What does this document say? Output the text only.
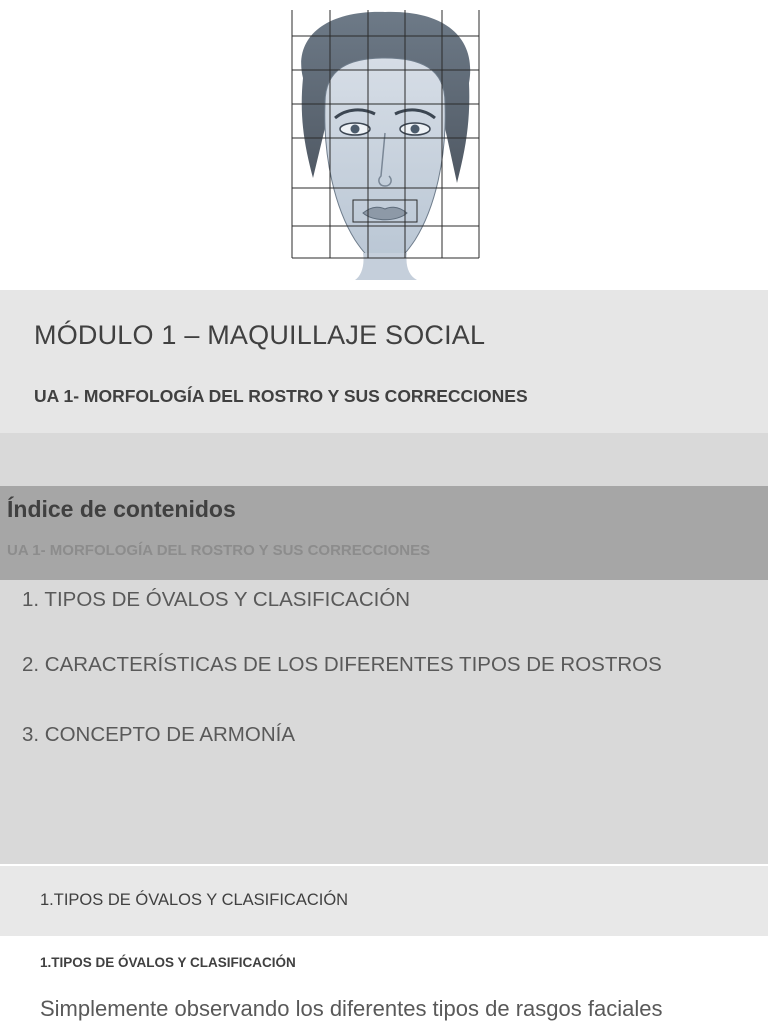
MÓDULO 1 – MAQUILLAJE SOCIAL
UA 1- MORFOLOGÍA DEL ROSTRO Y SUS CORRECCIONES
Índice de contenidos
UA 1- MORFOLOGÍA DEL ROSTRO Y SUS CORRECCIONES
1. TIPOS DE ÓVALOS Y CLASIFICACIÓN
2. CARACTERÍSTICAS DE LOS DIFERENTES TIPOS DE ROSTROS
3. CONCEPTO DE ARMONÍA
1.TIPOS DE ÓVALOS Y CLASIFICACIÓN
1.TIPOS DE ÓVALOS Y CLASIFICACIÓN
Simplemente observando los diferentes tipos de rasgos faciales
